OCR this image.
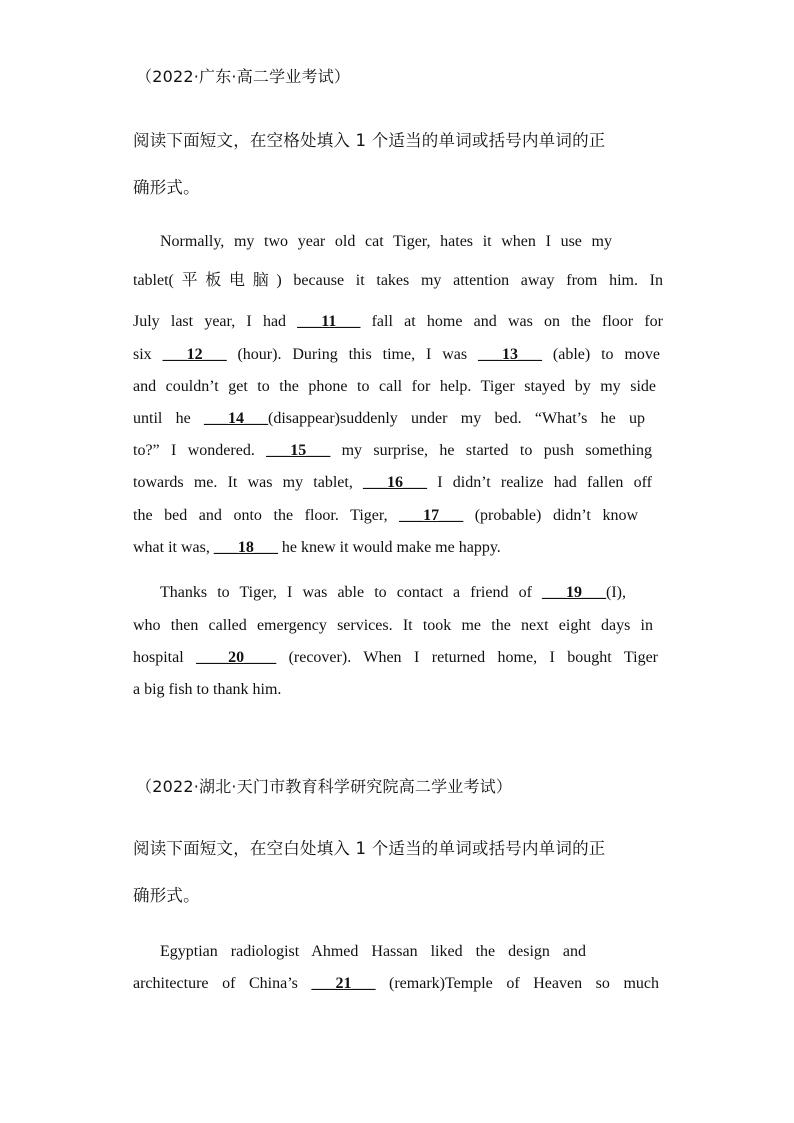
（2022·广东·高二学业考试）

阅读下面短文，在空格处填入 1 个适当的单词或括号内单词的正

确形式。

Normally, my two year old cat Tiger, hates it when I use my

tablet(平板电脑) because it takes my attention away from him. In

July last year, I had ___11___ fall at home and was on the floor for

six ___12___ (hour). During this time, I was ___13___ (able) to move

and couldn’t get to the phone to call for help. Tiger stayed by my side

until he ___14___(disappear)suddenly under my bed. “What’s he up

to?” I wondered. ___15___ my surprise, he started to push something

towards me. It was my tablet, ___16___ I didn’t realize had fallen off

the bed and onto the floor. Tiger, ___17___ (probable) didn’t know

what it was, ___18___ he knew it would make me happy.

Thanks to Tiger, I was able to contact a friend of ___19___(I),

who then called emergency services. It took me the next eight days in

hospital ____20____ (recover). When I returned home, I bought Tiger

a big fish to thank him.

（2022·湖北·天门市教育科学研究院高二学业考试）

阅读下面短文，在空白处填入 1 个适当的单词或括号内单词的正

确形式。

Egyptian radiologist Ahmed Hassan liked the design and

architecture of China’s ___21___ (remark)Temple of Heaven so much
